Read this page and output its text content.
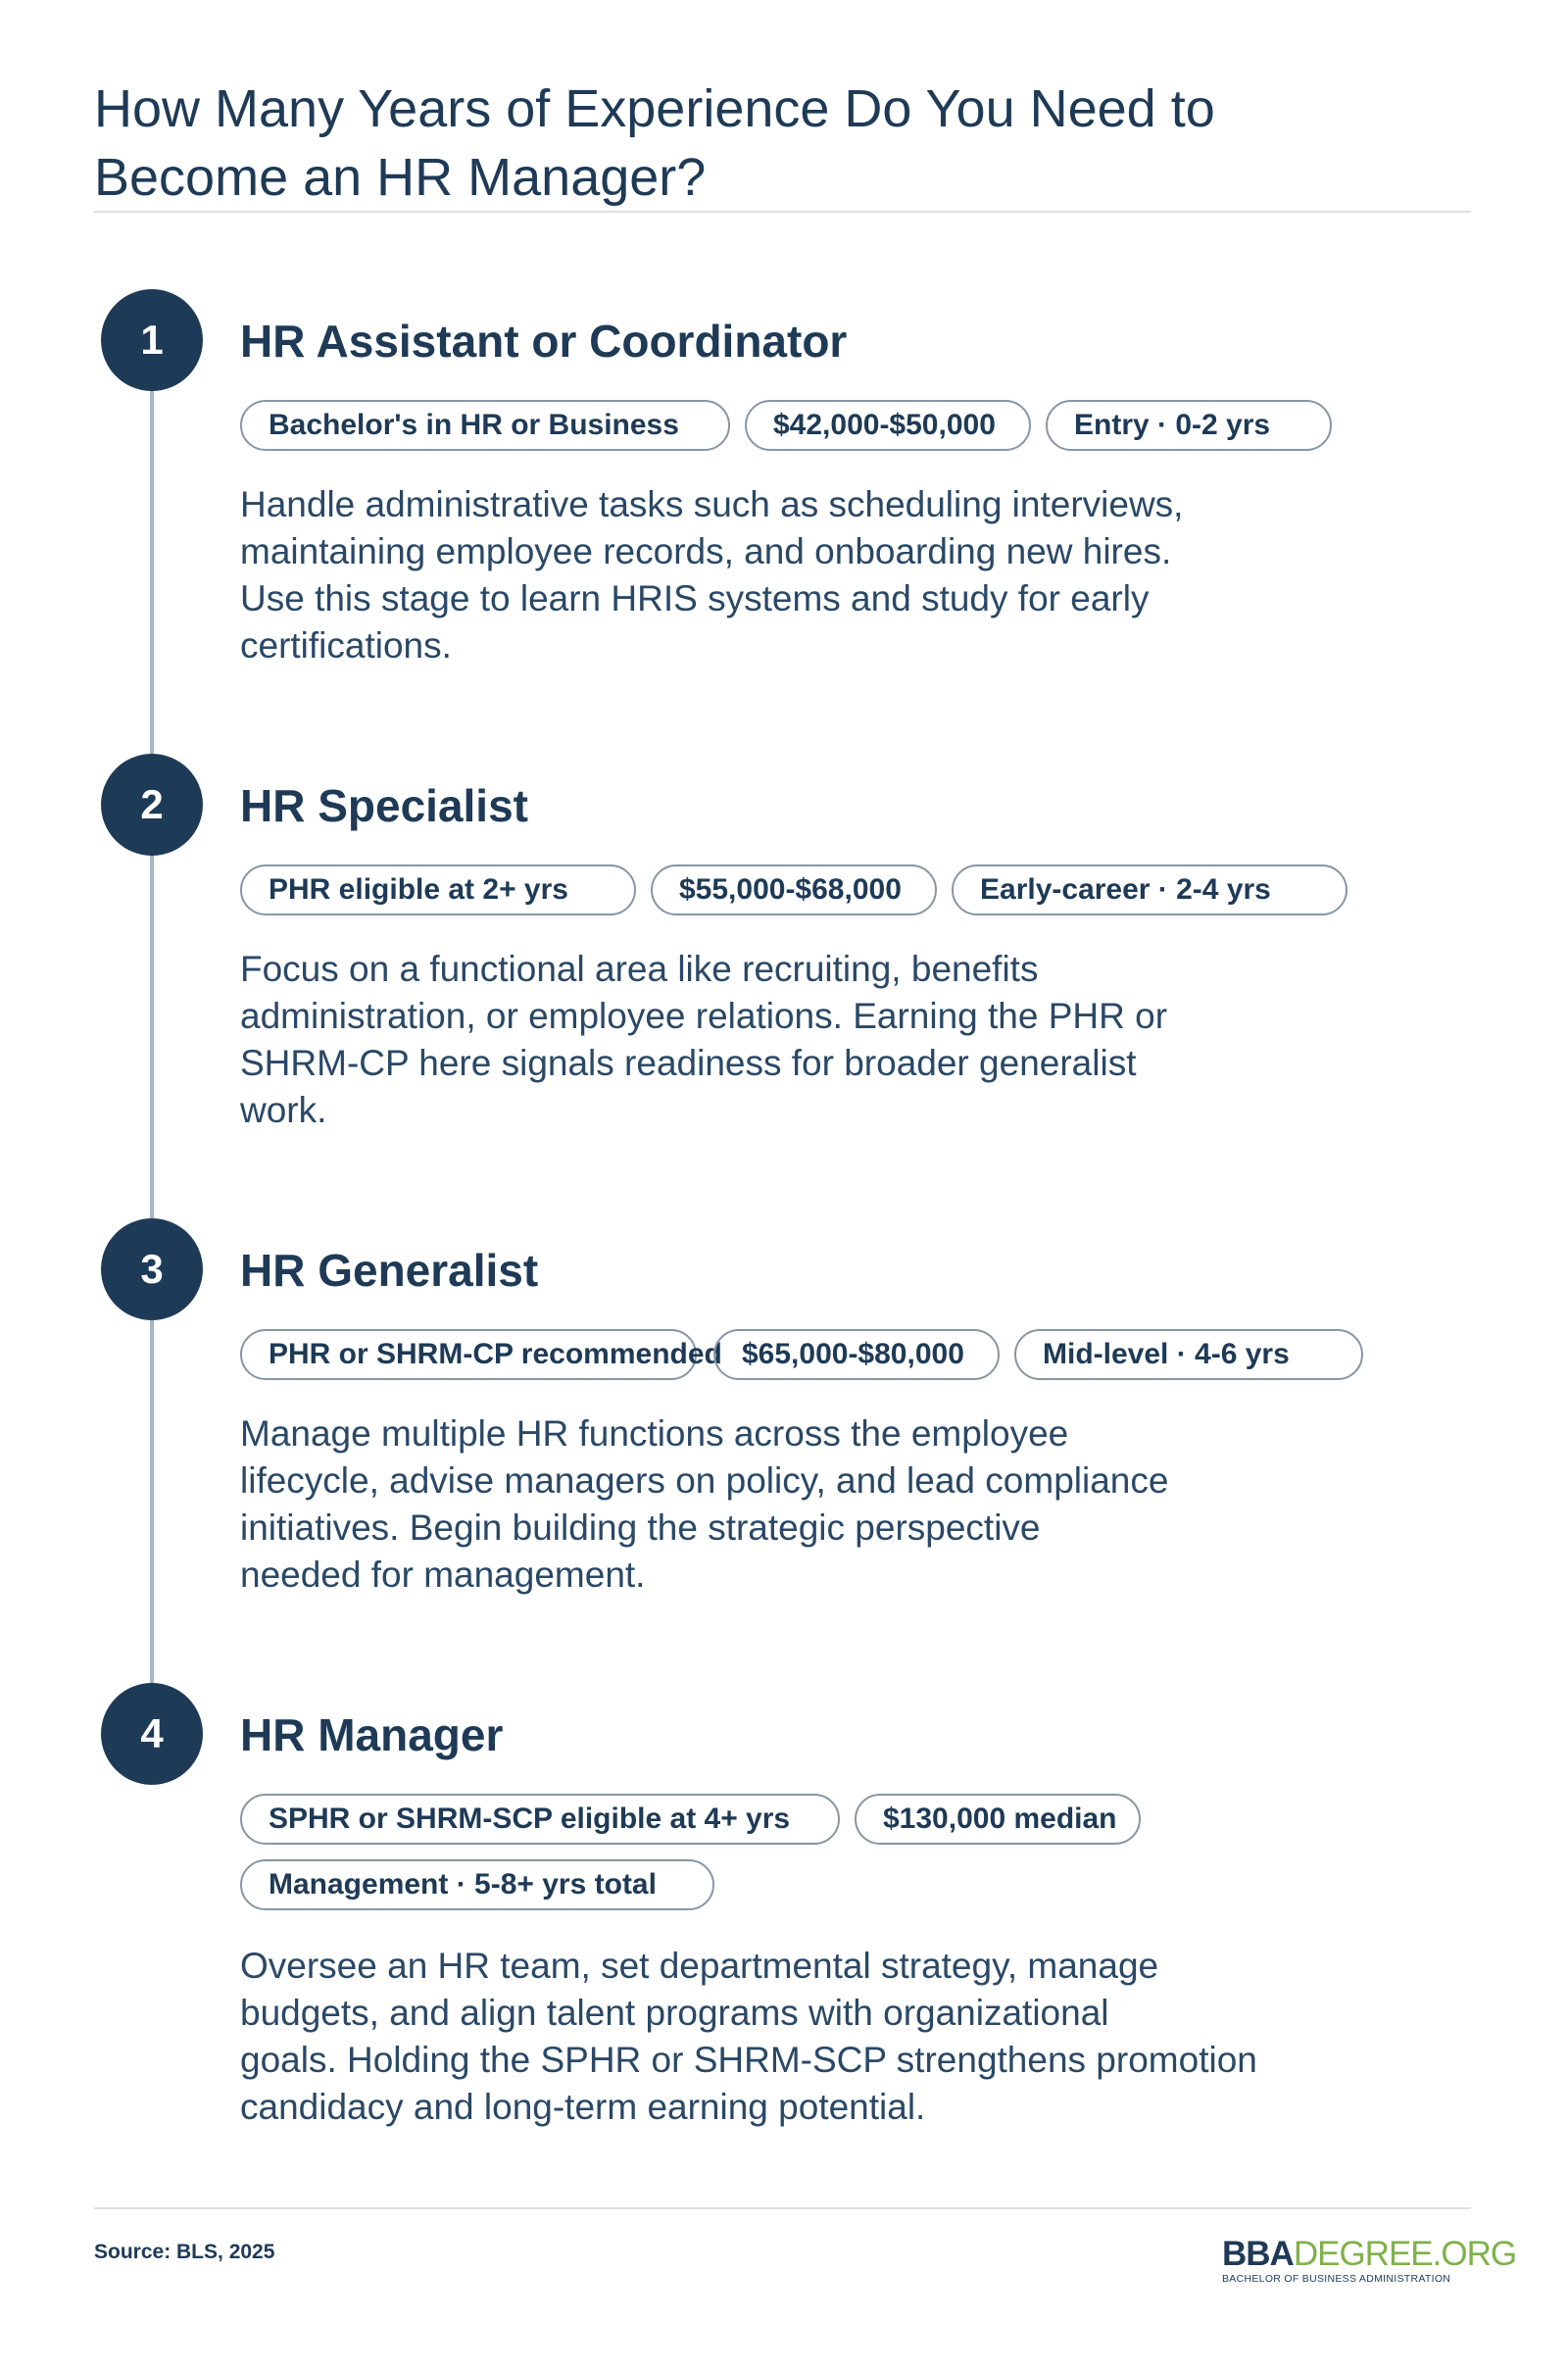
How Many Years of Experience Do You Need to
Become an HR Manager?
1	HR Assistant or Coordinator
Bachelor's in HR or Business	$42,000-$50,000	Entry · 0-2 yrs

Handle administrative tasks such as scheduling interviews,
maintaining employee records, and onboarding new hires.
Use this stage to learn HRIS systems and study for early
certifications.

2	HR Specialist
PHR eligible at 2+ yrs	$55,000-$68,000	Early-career · 2-4 yrs

Focus on a functional area like recruiting, benefits
administration, or employee relations. Earning the PHR or
SHRM-CP here signals readiness for broader generalist
work.

3	HR Generalist
PHR or SHRM-CP recommended $65,000-$80,000	Mid-level · 4-6 yrs

Manage multiple HR functions across the employee
lifecycle, advise managers on policy, and lead compliance
initiatives. Begin building the strategic perspective
needed for management.

4	HR Manager
SPHR or SHRM-SCP eligible at 4+ yrs	$130,000 median
Management · 5-8+ yrs total

Oversee an HR team, set departmental strategy, manage
budgets, and align talent programs with organizational
goals. Holding the SPHR or SHRM-SCP strengthens promotion
candidacy and long-term earning potential.

Source: BLS, 2025	BBADEGREE.ORG
BACHELOR OF BUSINESS ADMINISTRATION
